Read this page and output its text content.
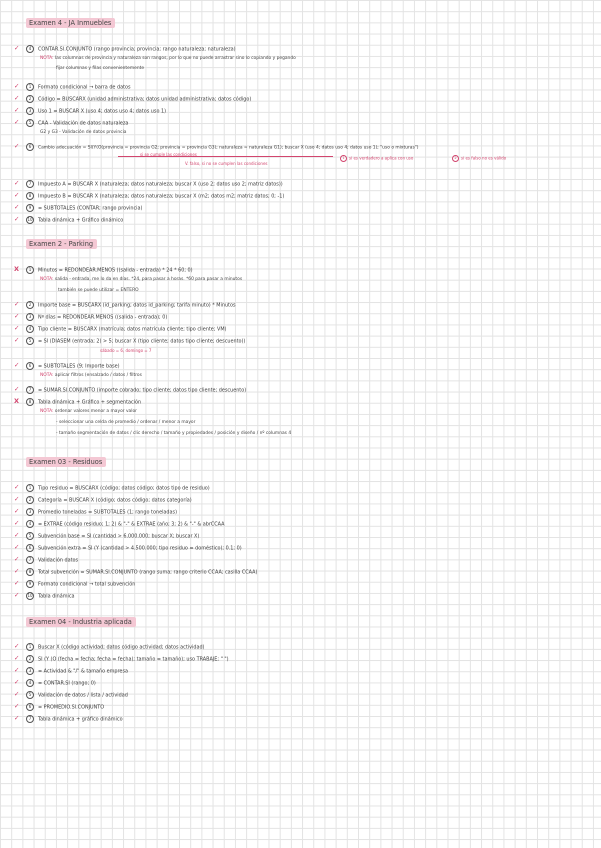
Examen 4 - JA Inmuebles
✓	4 CONTAR.SI.CONJUNTO (rango provincia; provincia; rango naturaleza; naturaleza)
NOTA: las columnas de provincia y naturaleza son rangos, por lo que no puede arrastrar sino lo copiando y pegando
fijar columnas y filas convenientemente
✓	1 Formato condicional → barra de datos
✓	2 Código = BUSCARX (unidad administrativa; datos unidad administrativa; datos código)
✓	3 Uso 1 = BUSCAR X (uso 4; datos uso 4; datos uso 1)
✓	5 CAA - Validación de datos naturaleza
G2 y G3 - Validación de datos provincia
✓	6 Cambio adecuación = SI(Y(O(provincia = provincia G2; provincia = provincia G3); naturaleza = naturaleza G1); buscar X (uso 4; datos uso 4; datos uso 1); "uso o mixturas")
si se cumple las condiciones
V. falso, si no se cumplen las condiciones
1 si es verdadero a aplica con uso	2 si es falso no es válido
✓	7 Impuesto A = BUSCAR X (naturaleza; datos naturaleza; buscar X (uso 2; datos uso 2; matriz datos))
✓	8 Impuesto B = BUSCAR X (naturaleza; datos naturaleza; buscar X (m2; datos m2; matriz datos; 0; -1)
✓	9 = SUBTOTALES (CONTAR; rango provincia)
✓	10 Tabla dinámica + Gráfico dinámico
Examen 2 - Parking
X	1 Minutos = REDONDEAR.MENOS ((salida - entrada) * 24 * 60; 0)
NOTA: salida - entrada, me lo da en días. *24, para pasar a horas. *60 para pasar a minutos
también se puede utilizar = ENTERO
✓	2 Importe base = BUSCARX (id_parking; datos id_parking; tarifa minuto) * Minutos
✓	3 Nº días = REDONDEAR.MENOS ((salida - entrada); 0)
✓	4 Tipo cliente = BUSCARX (matrícula; datos matrícula cliente; tipo cliente; VM)
✓	5 = SI (DIASEM (entrada; 2) > 5; buscar X (tipo cliente; datos tipo cliente; descuento))
sábado = 6, domingo = 7
✓	6 = SUBTOTALES (9; Importe base)
NOTA: aplicar filtros (ensalzado / datos / filtros
✓	7 = SUMAR.SI.CONJUNTO (importe cobrado; tipo cliente; datos tipo cliente; descuento)
X	8 Tabla dinámica + Gráfico + segmentación
NOTA: ordenar valores menor a mayor valor
- seleccionar una celda de promedio / ordenar / menor a mayor
- tamaño segmentación de datos / clic derecho / tamaño y propiedades / posición y diseño / nº columnas 4
Examen 03 - Residuos
✓	1 Tipo residuo = BUSCARX (código; datos código; datos tipo de residuo)
✓	2 Categoría = BUSCAR X (código; datos código; datos categoría)
✓	3 Promedio toneladas = SUBTOTALES (1; rango toneladas)
✓	4 = EXTRAE (código residuo; 1; 2) & "-" & EXTRAE (año; 3; 2) & "-" & abrCCAA
✓	5 Subvención base = SI (cantidad > 6.000.000; buscar X; buscar X)
✓	6 Subvención extra = SI (Y (cantidad > 4.500.000; tipo residuo = doméstico); 0.1; 0)
✓	7 Validación datos
✓	8 Total subvención = SUMAR.SI.CONJUNTO (rango suma; rango criterio CCAA; casilla CCAA)
✓	9 Formato condicional → total subvención
✓	10 Tabla dinámica
Examen 04 - Industria aplicada
✓	1 Buscar X (código actividad; datos código actividad; datos actividad)
✓	2 SI (Y (O (fecha = fecha; fecha = fecha); tamaño = tamaño); uso TRABAJE; " ")
✓	3 = Actividad & "/" & tamaño empresa
✓	4 = CONTAR.SI (rango; 0)
✓	5 Validación de datos / lista / actividad
✓	6 = PROMEDIO.SI.CONJUNTO
✓	7 Tabla dinámica + gráfico dinámico
